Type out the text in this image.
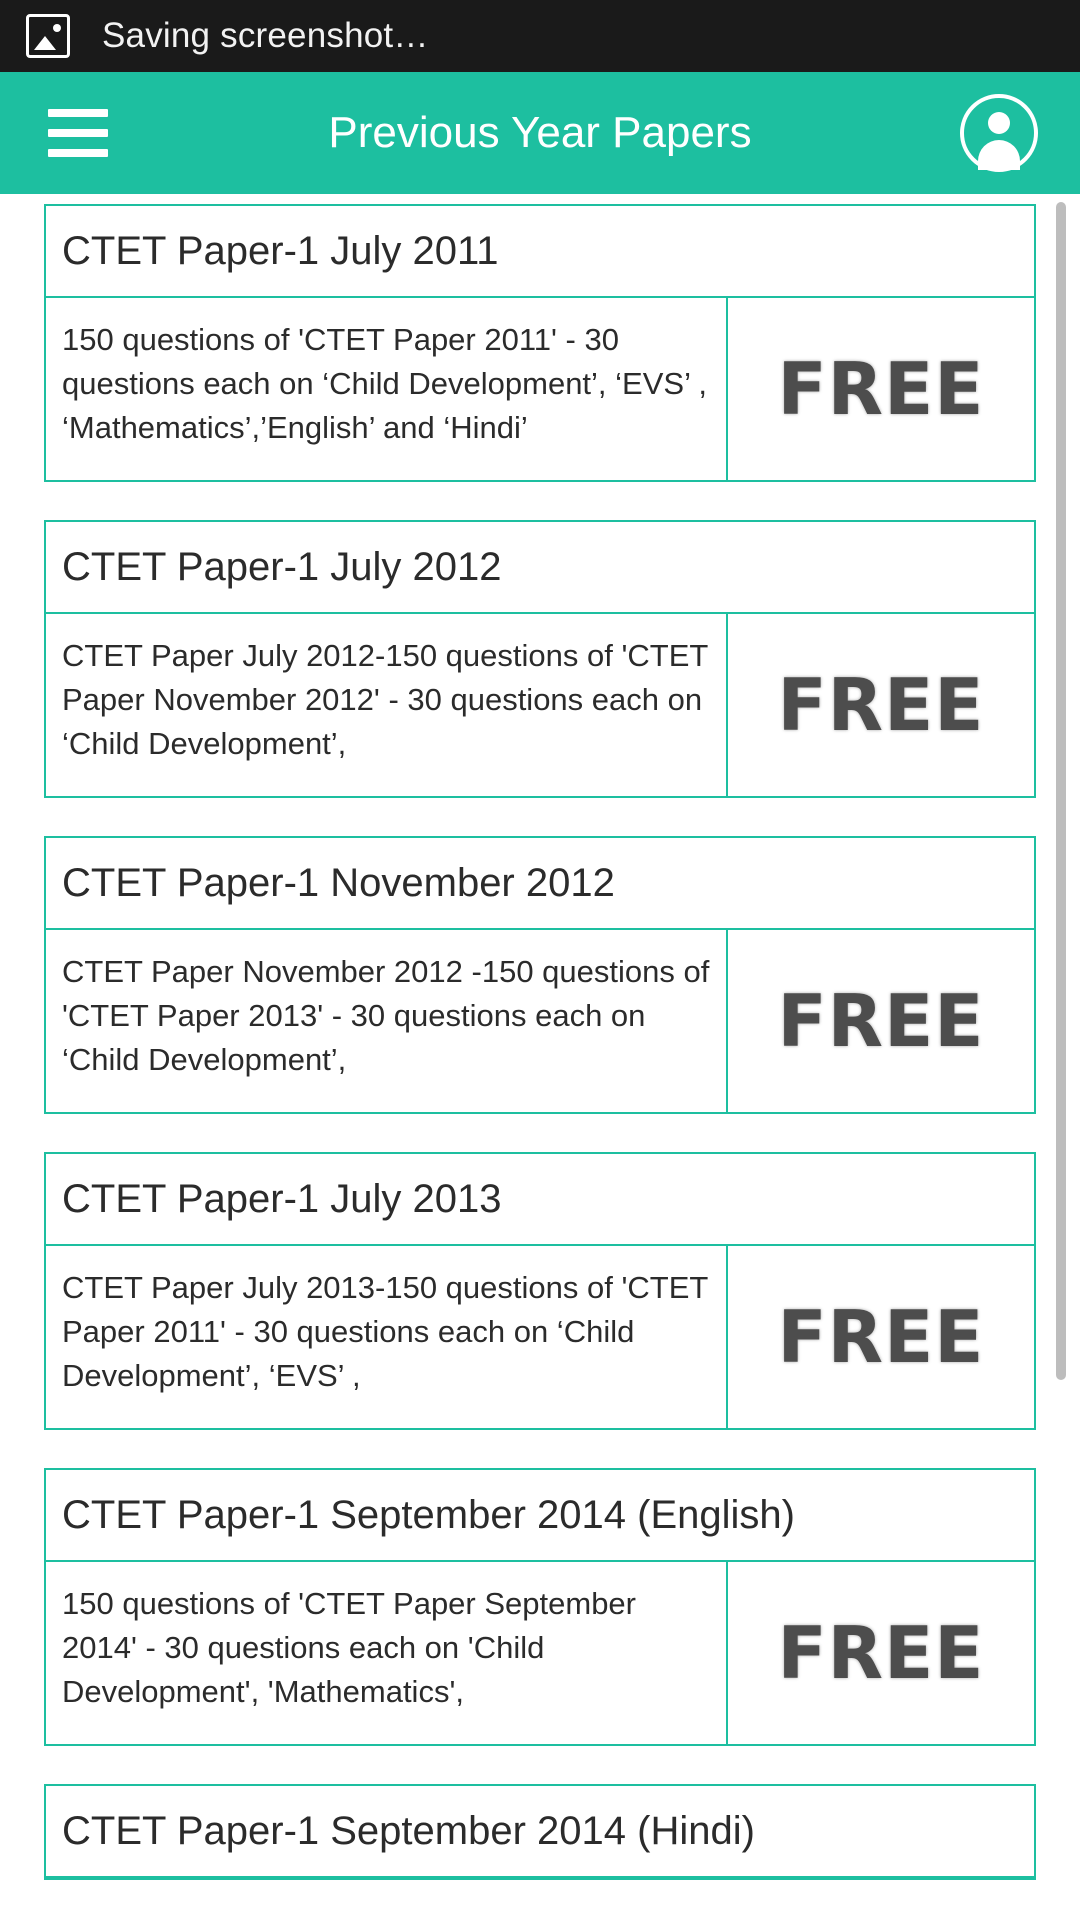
Saving screenshot…
Previous Year Papers
CTET Paper-1 July 2011
150 questions of 'CTET Paper 2011' - 30 questions each on ‘Child Development’, ‘EVS’ , ‘Mathematics’,’English’ and ‘Hindi’	FREE
CTET Paper-1 July 2012
CTET Paper July 2012-150 questions of 'CTET Paper November 2012' - 30 questions each on ‘Child Development’,	FREE
CTET Paper-1 November 2012
CTET Paper November 2012 -150 questions of 'CTET Paper 2013' - 30 questions each on ‘Child Development’,	FREE
CTET Paper-1 July 2013
CTET Paper July 2013-150 questions of 'CTET Paper 2011' - 30 questions each on ‘Child Development’, ‘EVS’ ,	FREE
CTET Paper-1 September 2014 (English)
150 questions of 'CTET Paper September 2014' - 30 questions each on 'Child Development', 'Mathematics',	FREE
CTET Paper-1 September 2014 (Hindi)
